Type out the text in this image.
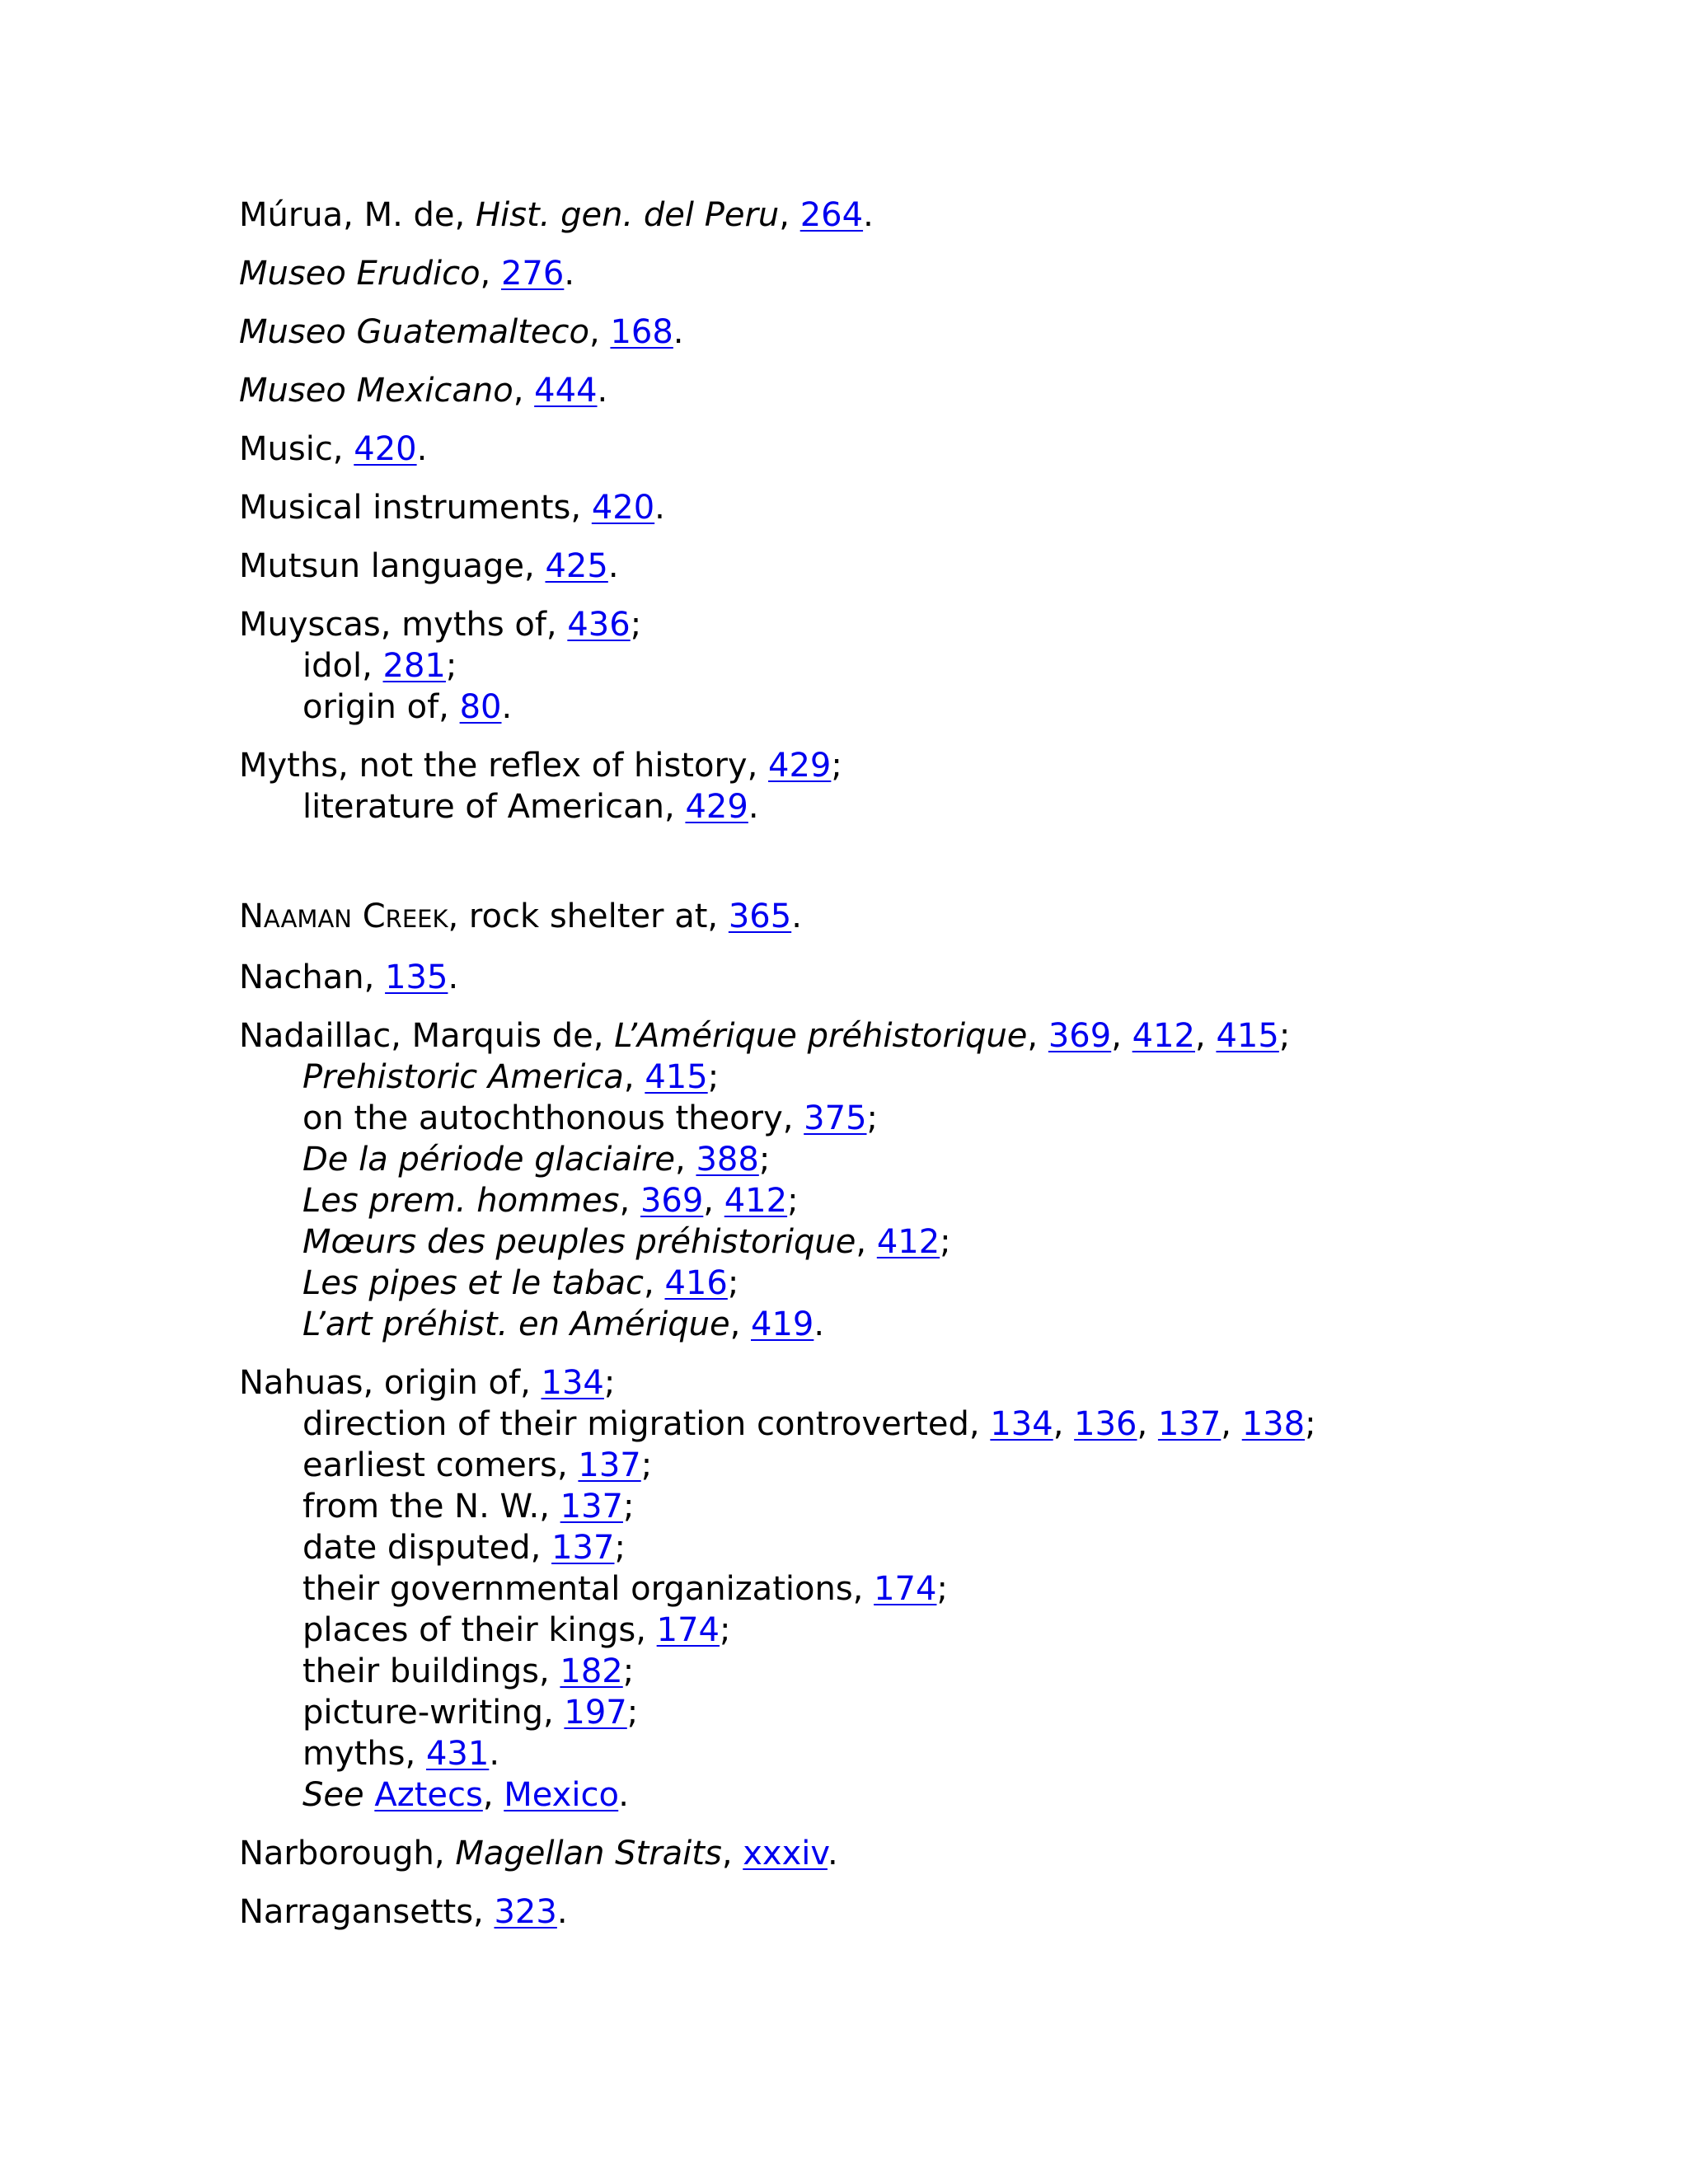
Múrua, M. de, Hist. gen. del Peru, 264.
Museo Erudico, 276.
Museo Guatemalteco, 168.
Museo Mexicano, 444.
Music, 420.
Musical instruments, 420.
Mutsun language, 425.
Muyscas, myths of, 436;
idol, 281;
origin of, 80.
Myths, not the reflex of history, 429;
literature of American, 429.
NAAMAN CREEK, rock shelter at, 365.
Nachan, 135.
Nadaillac, Marquis de, L’Amérique préhistorique, 369, 412, 415;
Prehistoric America, 415;
on the autochthonous theory, 375;
De la période glaciaire, 388;
Les prem. hommes, 369, 412;
Mœurs des peuples préhistorique, 412;
Les pipes et le tabac, 416;
L’art préhist. en Amérique, 419.
Nahuas, origin of, 134;
direction of their migration controverted, 134, 136, 137, 138;
earliest comers, 137;
from the N. W., 137;
date disputed, 137;
their governmental organizations, 174;
places of their kings, 174;
their buildings, 182;
picture-writing, 197;
myths, 431.
See Aztecs, Mexico.
Narborough, Magellan Straits, xxxiv.
Narragansetts, 323.
